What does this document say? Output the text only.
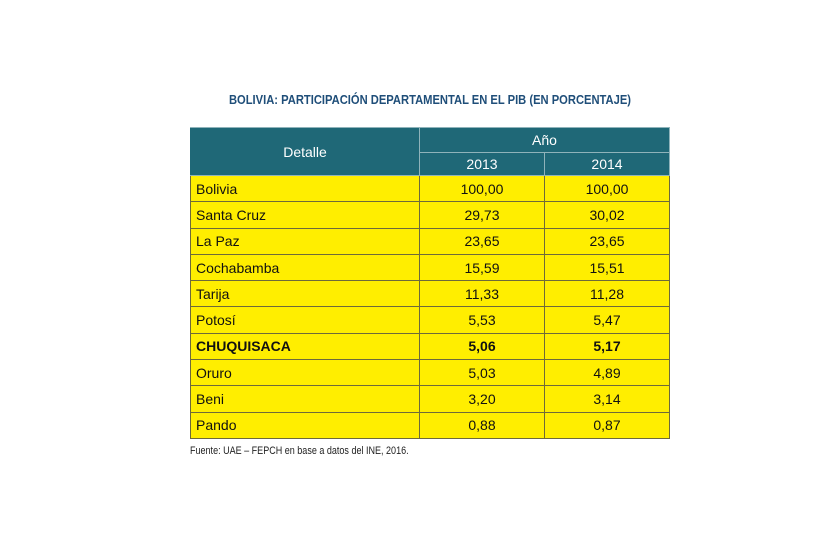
BOLIVIA: PARTICIPACIÓN DEPARTAMENTAL EN EL PIB (EN PORCENTAJE)
Detalle	Año	
	2013	2014
Bolivia	100,00	100,00
Santa Cruz	29,73	30,02
La Paz	23,65	23,65
Cochabamba	15,59	15,51
Tarija	11,33	11,28
Potosí	5,53	5,47
CHUQUISACA	5,06	5,17
Oruro	5,03	4,89
Beni	3,20	3,14
Pando	0,88	0,87
Fuente: UAE – FEPCH en base a datos del INE, 2016.
